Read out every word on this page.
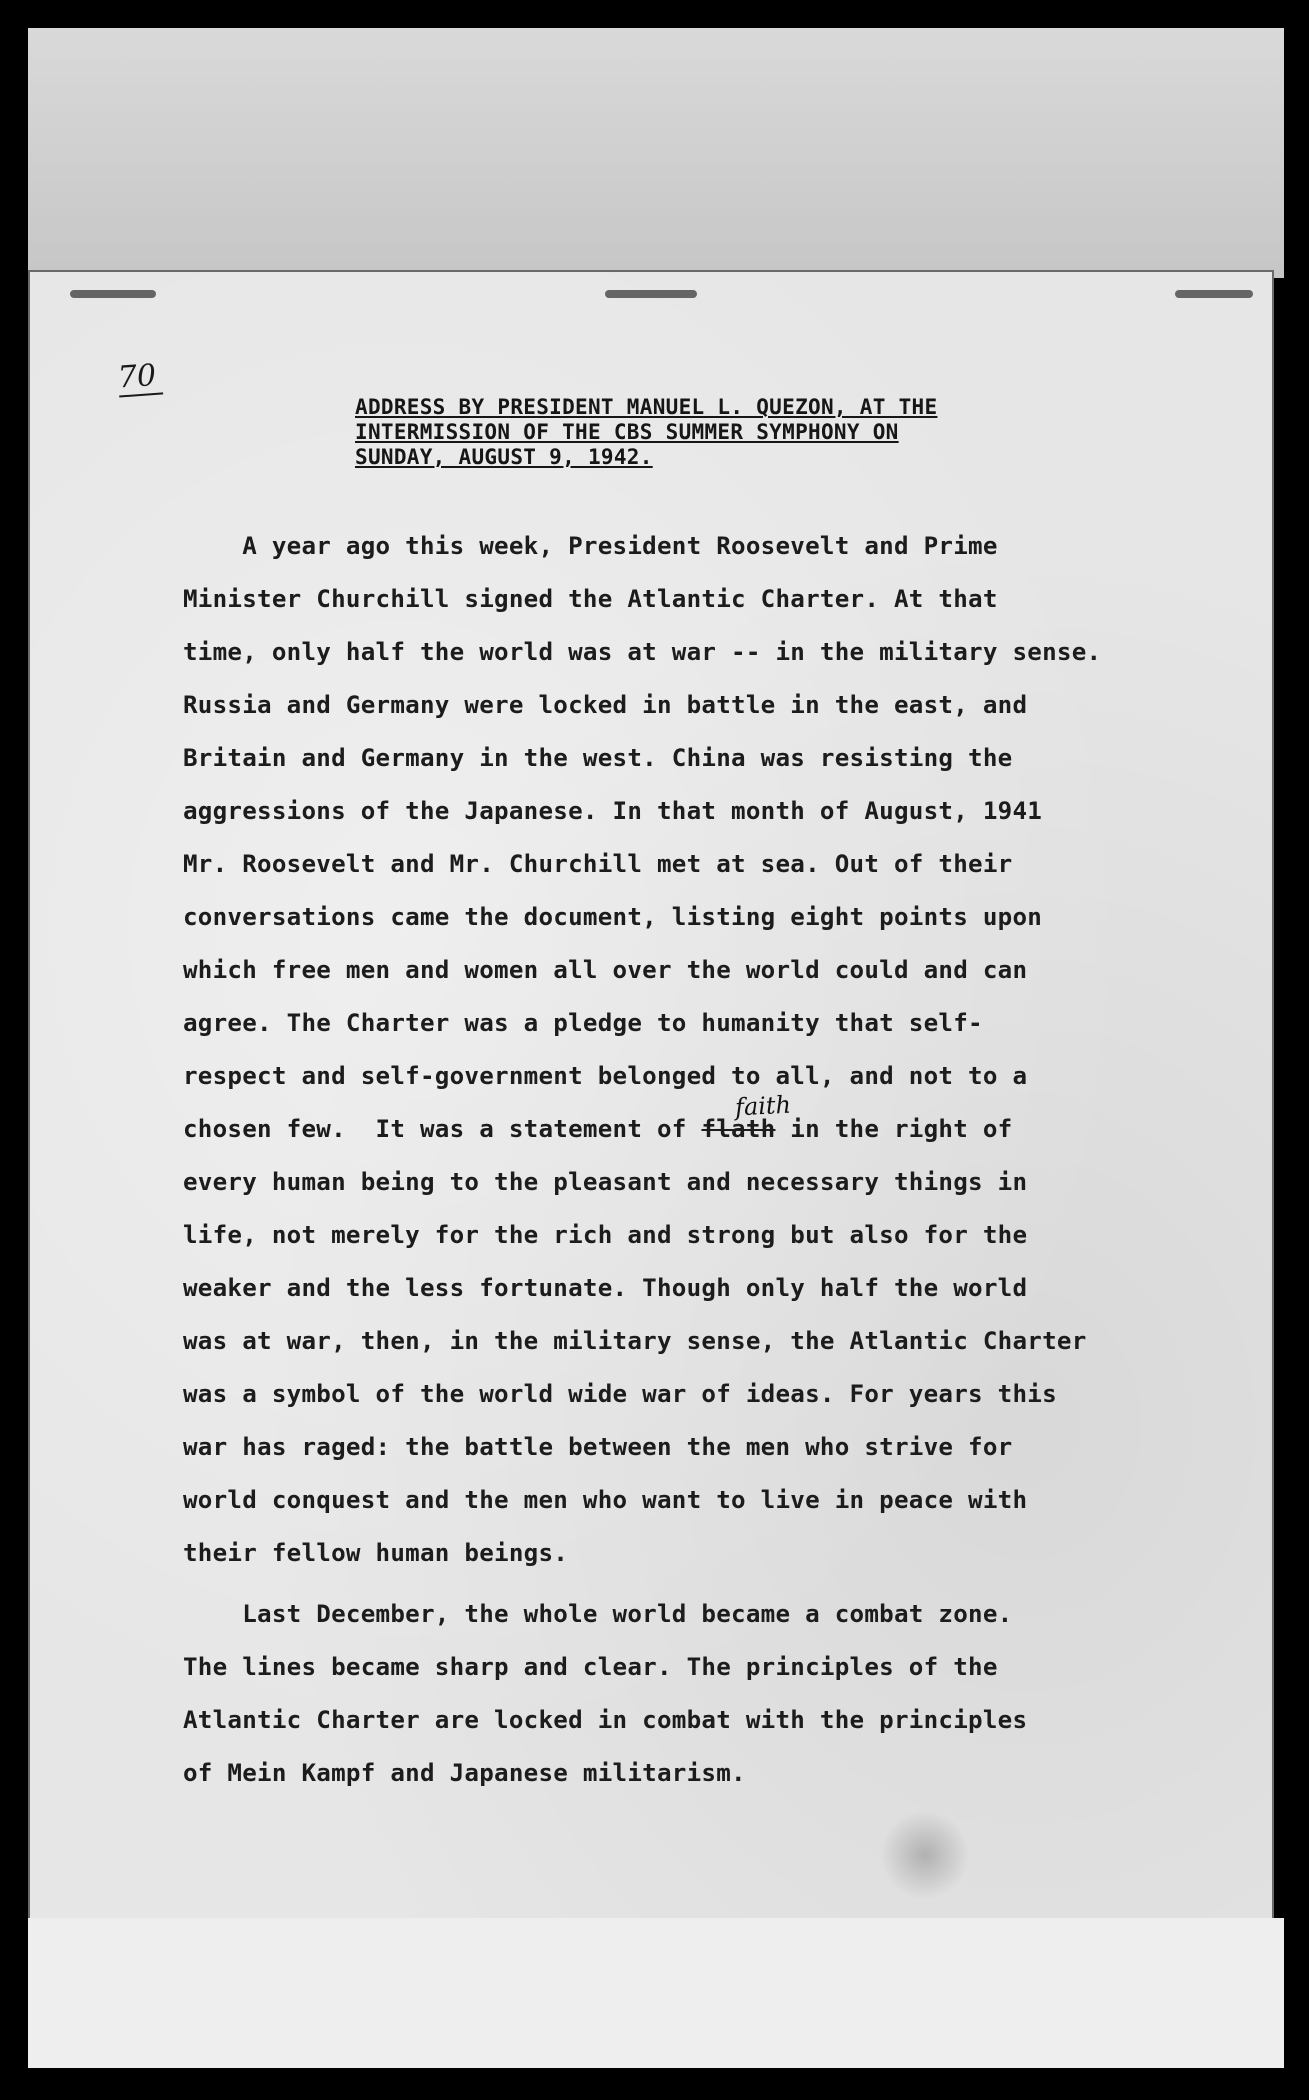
70
ADDRESS BY PRESIDENT MANUEL L. QUEZON, AT THE
INTERMISSION OF THE CBS SUMMER SYMPHONY ON
SUNDAY, AUGUST 9, 1942.
faith
A year ago this week, President Roosevelt and Prime
Minister Churchill signed the Atlantic Charter. At that
time, only half the world was at war -- in the military sense.
Russia and Germany were locked in battle in the east, and
Britain and Germany in the west. China was resisting the
aggressions of the Japanese. In that month of August, 1941
Mr. Roosevelt and Mr. Churchill met at sea. Out of their
conversations came the document, listing eight points upon
which free men and women all over the world could and can
agree. The Charter was a pledge to humanity that self-
respect and self-government belonged to all, and not to a
chosen few.  It was a statement of flath in the right of
every human being to the pleasant and necessary things in
life, not merely for the rich and strong but also for the
weaker and the less fortunate. Though only half the world
was at war, then, in the military sense, the Atlantic Charter
was a symbol of the world wide war of ideas. For years this
war has raged: the battle between the men who strive for
world conquest and the men who want to live in peace with
their fellow human beings.
Last December, the whole world became a combat zone.
The lines became sharp and clear. The principles of the
Atlantic Charter are locked in combat with the principles
of Mein Kampf and Japanese militarism.
